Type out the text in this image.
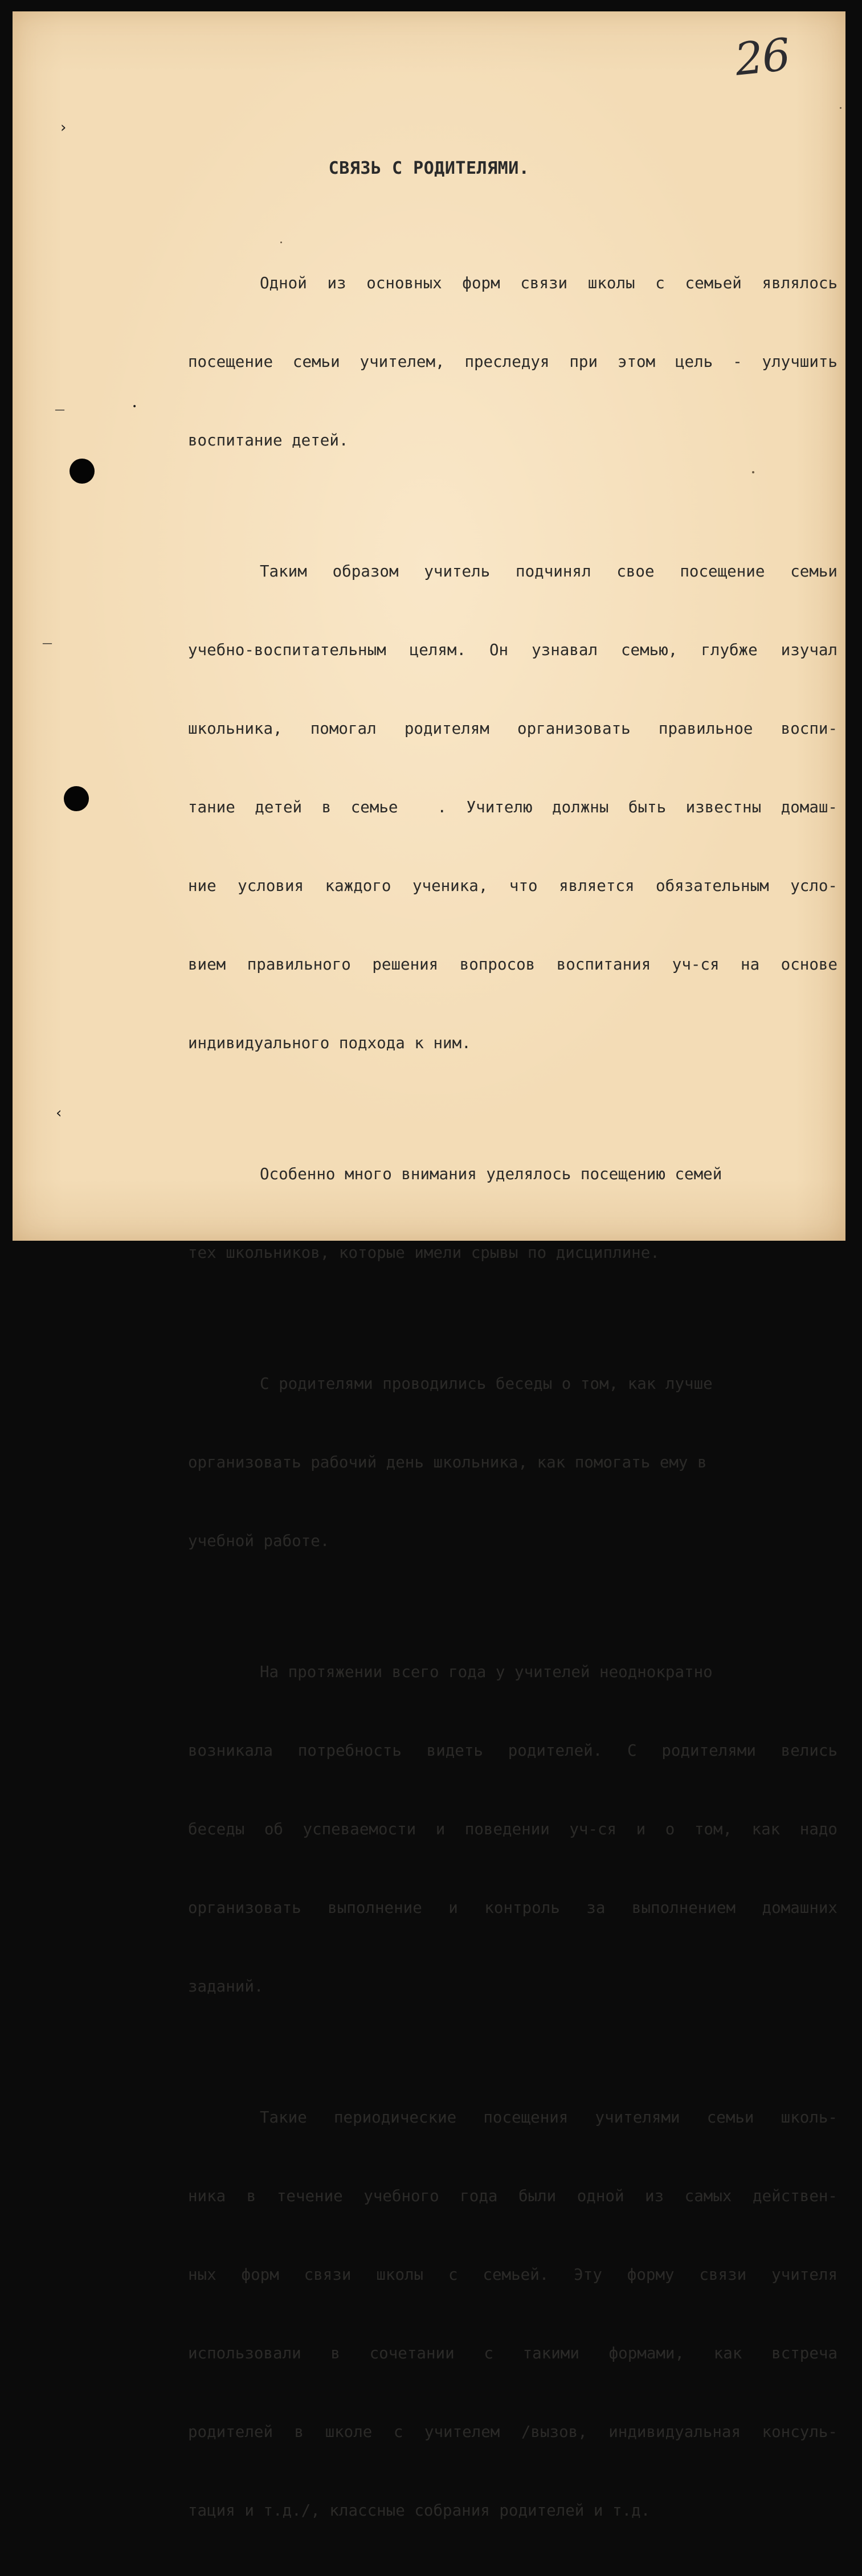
26
СВЯЗЬ С РОДИТЕЛЯМИ.

Одной из основных форм связи школы с семьей являлось

посещение семьи учителем, преследуя при этом цель - улучшить

воспитание детей.

Таким образом учитель подчинял свое посещение семьи

учебно-воспитательным целям. Он узнавал семью, глубже изучал

школьника, помогал родителям организовать правильное воспи-

тание детей в семье  . Учителю должны быть известны домаш-

ние условия каждого ученика, что является обязательным усло-

вием правильного решения вопросов воспитания уч-ся на основе

индивидуального подхода к ним.

Особенно много внимания уделялось посещению семей

тех школьников, которые имели срывы по дисциплине.

С родителями проводились беседы о том, как лучше

организовать рабочий день школьника, как помогать ему в

учебной работе.

На протяжении всего года у учителей неоднократно

возникала потребность видеть родителей. С родителями велись

беседы об успеваемости и поведении уч-ся и о том, как надо

организовать выполнение и контроль за выполнением домашних

заданий.

Такие периодические посещения учителями семьи школь-

ника в течение учебного года были одной из самых действен-

ных форм связи школы с семьей. Эту форму связи учителя

использовали в сочетании с такими формами, как встреча

родителей в школе с учителем /вызов, индивидуальная консуль-

тация и т.д./, классные собрания родителей и т.д.

›
—	•
—
‹
